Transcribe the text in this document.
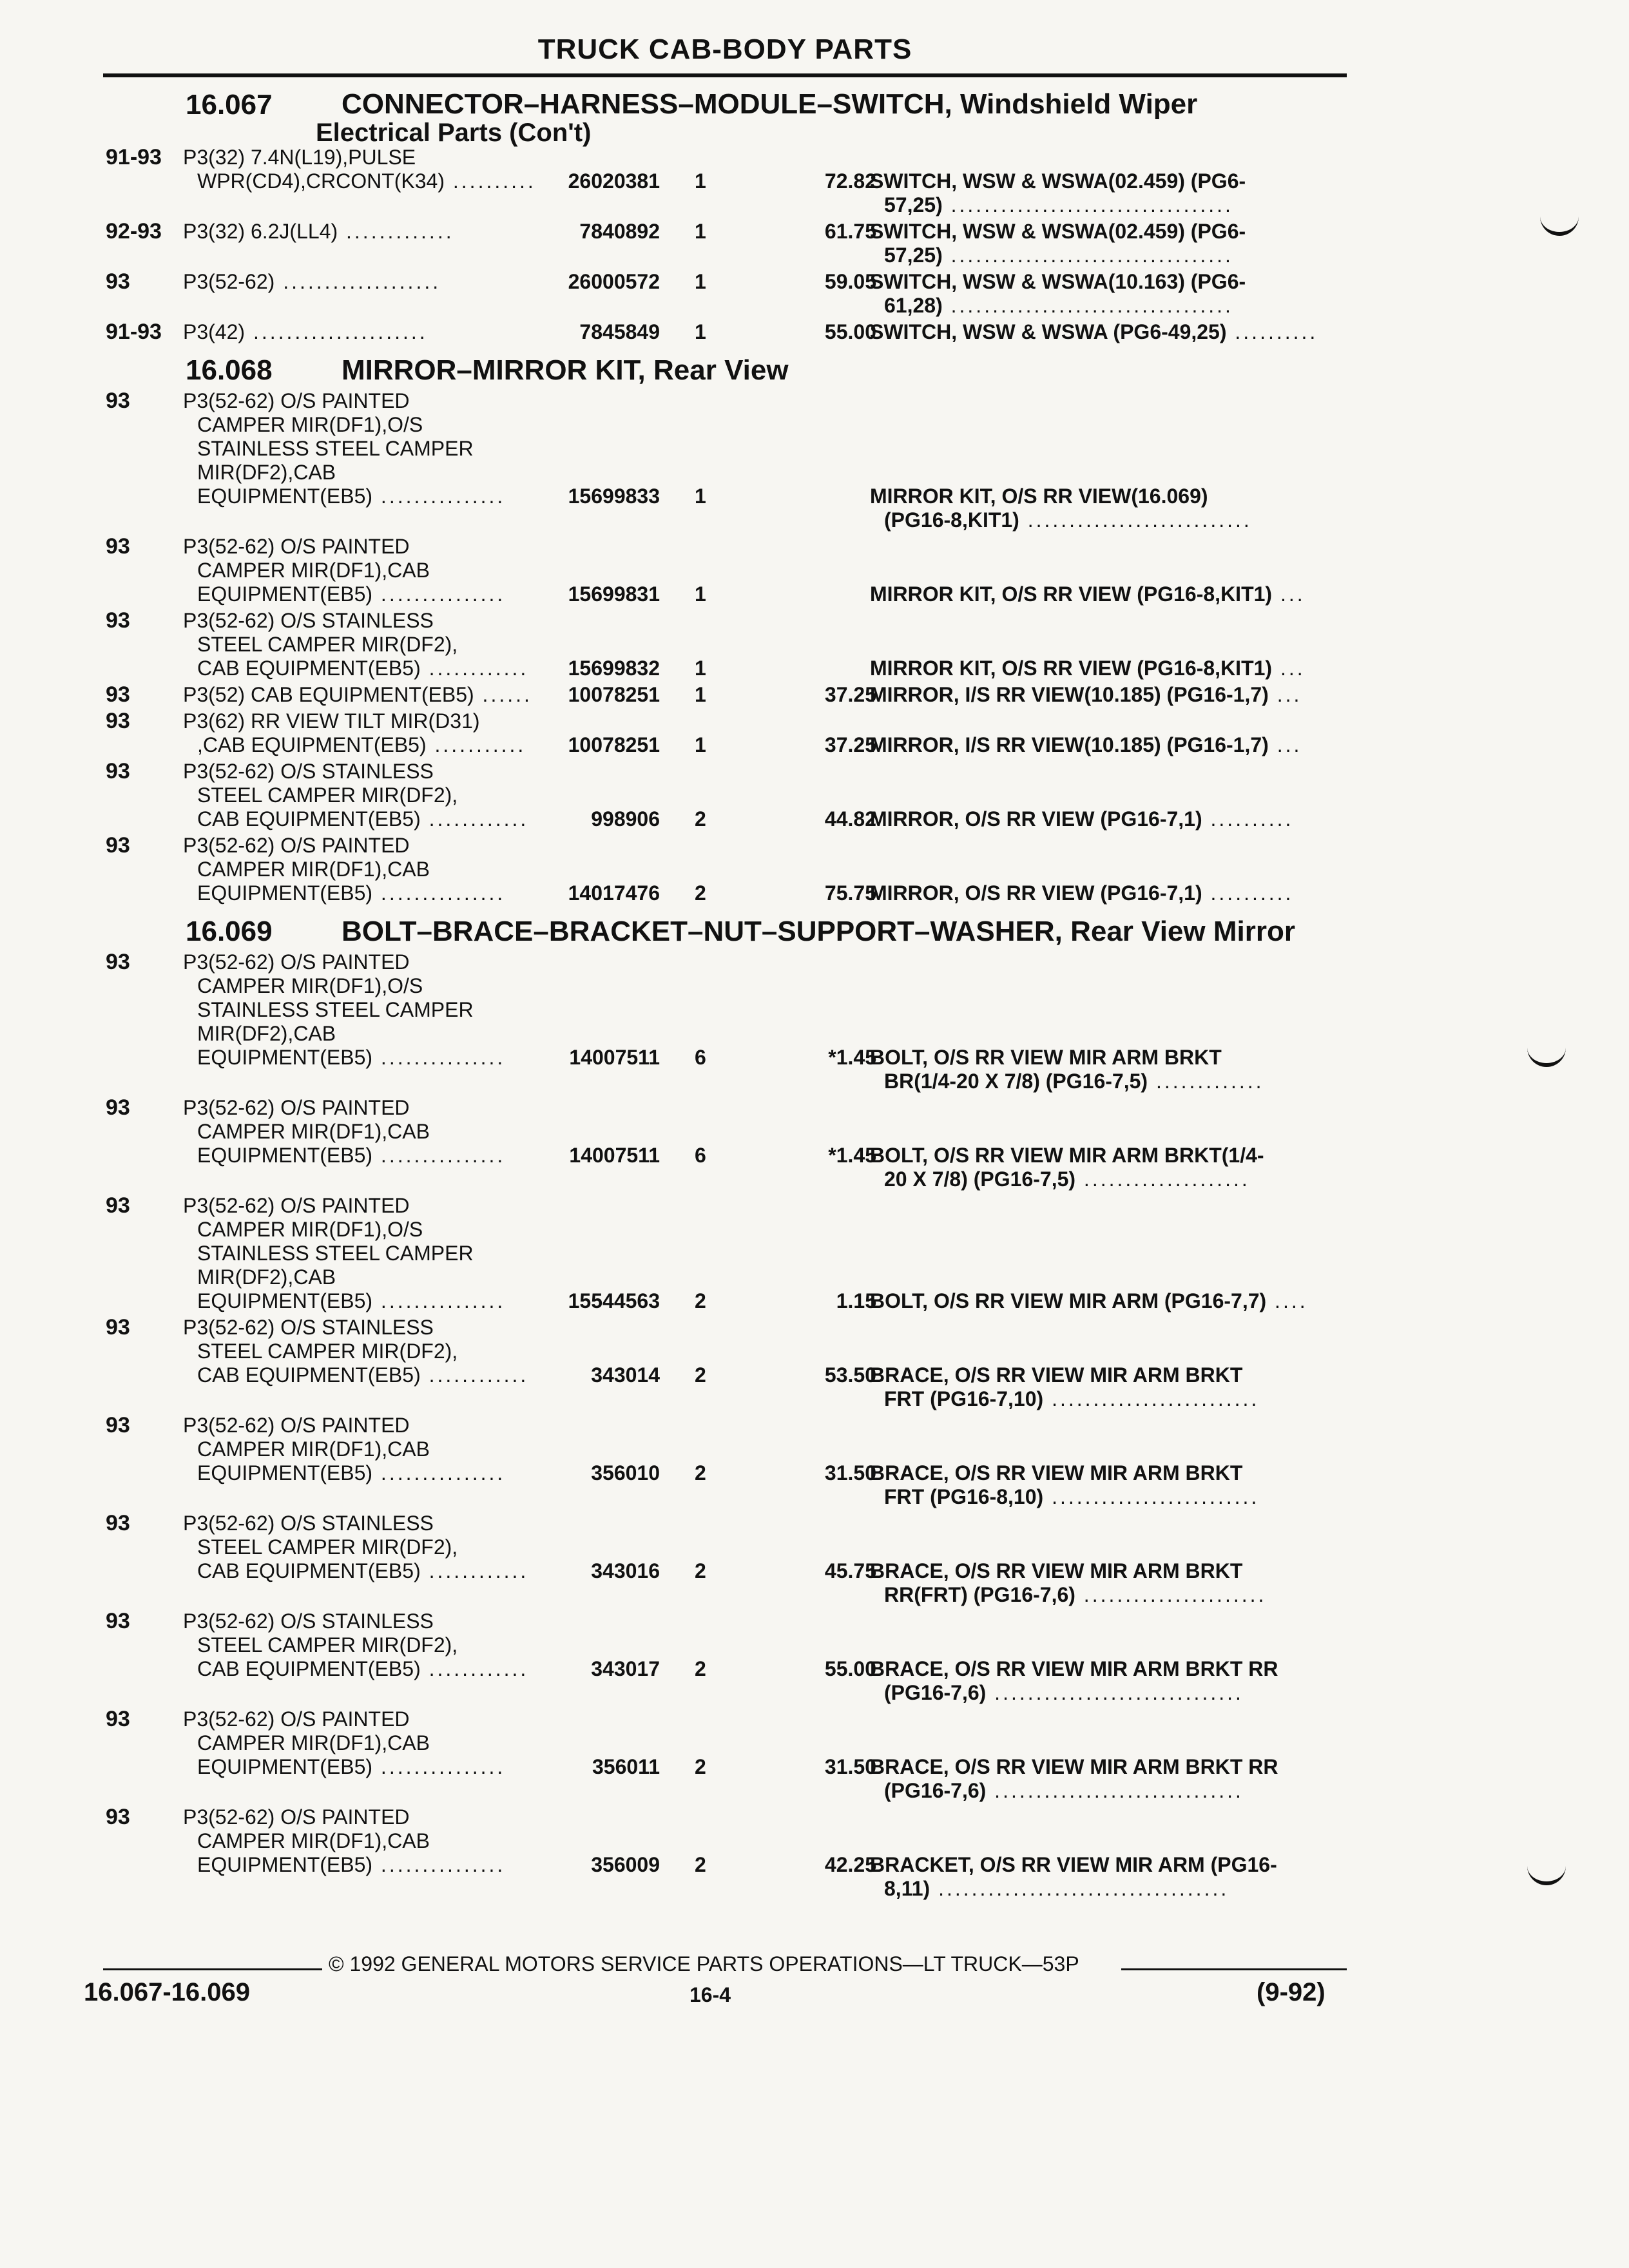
TRUCK CAB-BODY PARTS
16.067 CONNECTOR–HARNESS–MODULE–SWITCH, Windshield Wiper
Electrical Parts (Con't)
91-93	P3(32) 7.4N(L19),PULSE
WPR(CD4),CRCONT(K34) ..........	26020381 1	72.82
SWITCH, WSW & WSWA(02.459) (PG6-
57,25) ..................................
92-93	P3(32) 6.2J(LL4) .............	7840892 1	61.75
SWITCH, WSW & WSWA(02.459) (PG6-
57,25) ..................................
93	P3(52-62) ...................	26000572 1	59.05
SWITCH, WSW & WSWA(10.163) (PG6-
61,28) ..................................
91-93	P3(42) .....................	7845849 1	55.00
SWITCH, WSW & WSWA (PG6-49,25) ..........
16.068 MIRROR–MIRROR KIT, Rear View
93	P3(52-62) O/S PAINTED
CAMPER MIR(DF1),O/S
STAINLESS STEEL CAMPER
MIR(DF2),CAB
EQUIPMENT(EB5) ...............	15699833 1	MIRROR KIT, O/S RR VIEW(16.069)
(PG16-8,KIT1) ...........................
93	P3(52-62) O/S PAINTED
CAMPER MIR(DF1),CAB
EQUIPMENT(EB5) ...............	15699831 1	MIRROR KIT, O/S RR VIEW (PG16-8,KIT1) ...
93	P3(52-62) O/S STAINLESS
STEEL CAMPER MIR(DF2),
CAB EQUIPMENT(EB5) ............	15699832 1	MIRROR KIT, O/S RR VIEW (PG16-8,KIT1) ...
93	P3(52) CAB EQUIPMENT(EB5) ......	10078251 1	37.25
MIRROR, I/S RR VIEW(10.185) (PG16-1,7) ...
93	P3(62) RR VIEW TILT MIR(D31)
,CAB EQUIPMENT(EB5) ...........	10078251 1	37.25
MIRROR, I/S RR VIEW(10.185) (PG16-1,7) ...
93	P3(52-62) O/S STAINLESS
STEEL CAMPER MIR(DF2),
CAB EQUIPMENT(EB5) ............	998906 2	44.82
MIRROR, O/S RR VIEW (PG16-7,1) ..........
93	P3(52-62) O/S PAINTED
CAMPER MIR(DF1),CAB
EQUIPMENT(EB5) ...............	14017476 2	75.75
MIRROR, O/S RR VIEW (PG16-7,1) ..........
16.069 BOLT–BRACE–BRACKET–NUT–SUPPORT–WASHER, Rear View Mirror
93	P3(52-62) O/S PAINTED
CAMPER MIR(DF1),O/S
STAINLESS STEEL CAMPER
MIR(DF2),CAB
EQUIPMENT(EB5) ...............	14007511 6	*1.45
BOLT, O/S RR VIEW MIR ARM BRKT
BR(1/4-20 X 7/8) (PG16-7,5) .............
93	P3(52-62) O/S PAINTED
CAMPER MIR(DF1),CAB
EQUIPMENT(EB5) ...............	14007511 6	*1.45
BOLT, O/S RR VIEW MIR ARM BRKT(1/4-
20 X 7/8) (PG16-7,5) ....................
93	P3(52-62) O/S PAINTED
CAMPER MIR(DF1),O/S
STAINLESS STEEL CAMPER
MIR(DF2),CAB
EQUIPMENT(EB5) ...............	15544563 2	1.15
BOLT, O/S RR VIEW MIR ARM (PG16-7,7) ....
93	P3(52-62) O/S STAINLESS
STEEL CAMPER MIR(DF2),
CAB EQUIPMENT(EB5) ............	343014 2	53.50
BRACE, O/S RR VIEW MIR ARM BRKT
FRT (PG16-7,10) .........................
93	P3(52-62) O/S PAINTED
CAMPER MIR(DF1),CAB
EQUIPMENT(EB5) ...............	356010 2	31.50
BRACE, O/S RR VIEW MIR ARM BRKT
FRT (PG16-8,10) .........................
93	P3(52-62) O/S STAINLESS
STEEL CAMPER MIR(DF2),
CAB EQUIPMENT(EB5) ............	343016 2	45.75
BRACE, O/S RR VIEW MIR ARM BRKT
RR(FRT) (PG16-7,6) ......................
93	P3(52-62) O/S STAINLESS
STEEL CAMPER MIR(DF2),
CAB EQUIPMENT(EB5) ............	343017 2	55.00
BRACE, O/S RR VIEW MIR ARM BRKT RR
(PG16-7,6) ..............................
93	P3(52-62) O/S PAINTED
CAMPER MIR(DF1),CAB
EQUIPMENT(EB5) ...............	356011 2	31.50
BRACE, O/S RR VIEW MIR ARM BRKT RR
(PG16-7,6) ..............................
93	P3(52-62) O/S PAINTED
CAMPER MIR(DF1),CAB
EQUIPMENT(EB5) ...............	356009 2	42.25
BRACKET, O/S RR VIEW MIR ARM (PG16-
8,11) ...................................
© 1992 GENERAL MOTORS SERVICE PARTS OPERATIONS—LT TRUCK—53P
16.067-16.069	16-4	(9-92)
